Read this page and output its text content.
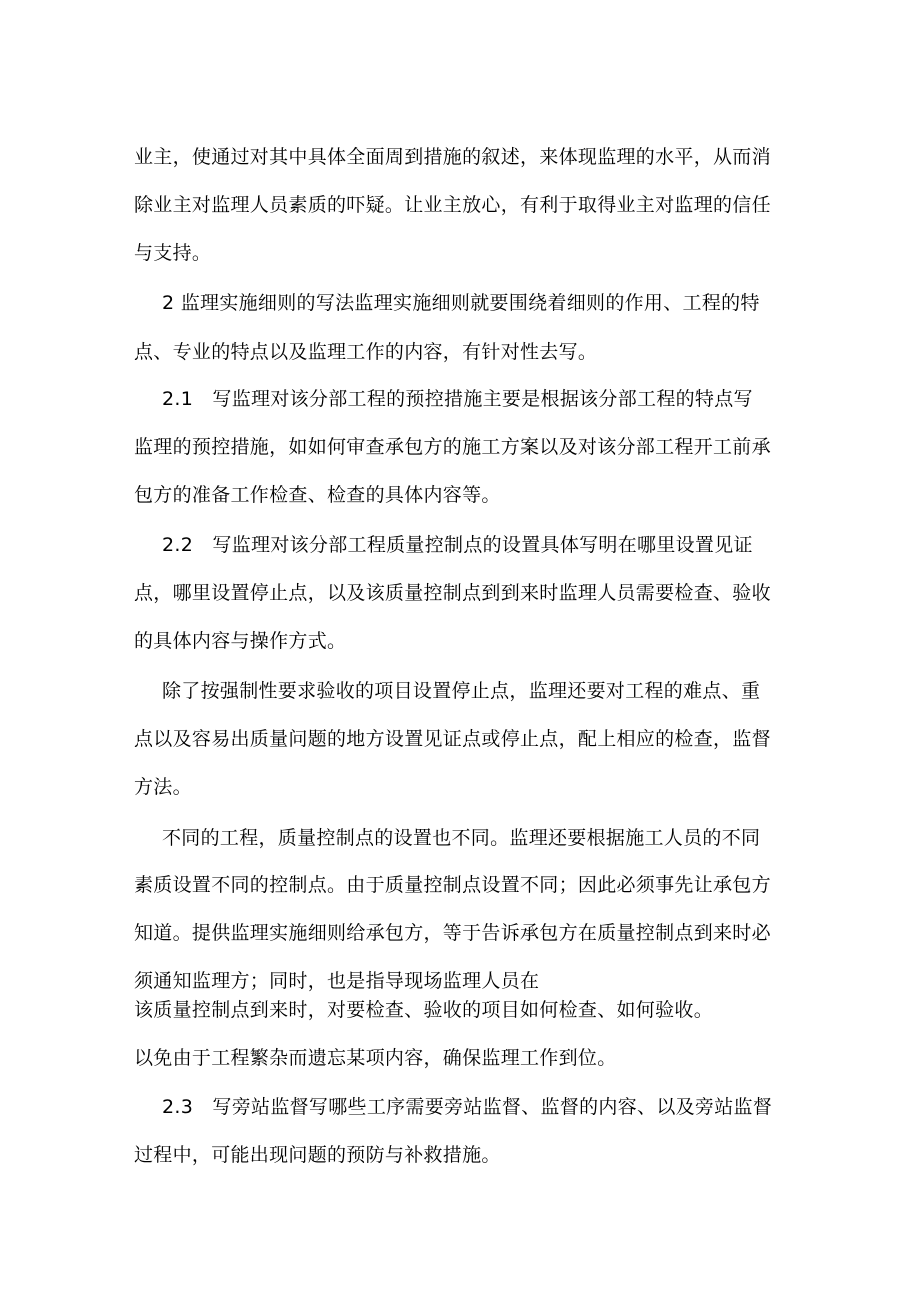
业主，使通过对其中具体全面周到措施的叙述，来体现监理的水平，从而消
除业主对监理人员素质的吓疑。让业主放心，有利于取得业主对监理的信任
与支持。
2 监理实施细则的写法监理实施细则就要围绕着细则的作用、工程的特
点、专业的特点以及监理工作的内容，有针对性去写。
2.1　写监理对该分部工程的预控措施主要是根据该分部工程的特点写
监理的预控措施，如如何审查承包方的施工方案以及对该分部工程开工前承
包方的准备工作检查、检查的具体内容等。
2.2　写监理对该分部工程质量控制点的设置具体写明在哪里设置见证
点，哪里设置停止点，以及该质量控制点到到来时监理人员需要检查、验收
的具体内容与操作方式。
除了按强制性要求验收的项目设置停止点，监理还要对工程的难点、重
点以及容易出质量问题的地方设置见证点或停止点，配上相应的检查，监督
方法。
不同的工程，质量控制点的设置也不同。监理还要根据施工人员的不同
素质设置不同的控制点。由于质量控制点设置不同；因此必须事先让承包方
知道。提供监理实施细则给承包方，等于告诉承包方在质量控制点到来时必
须通知监理方；同时，也是指导现场监理人员在
该质量控制点到来时，对要检查、验收的项目如何检查、如何验收。
以免由于工程繁杂而遗忘某项内容，确保监理工作到位。
2.3　写旁站监督写哪些工序需要旁站监督、监督的内容、以及旁站监督
过程中，可能出现问题的预防与补救措施。
